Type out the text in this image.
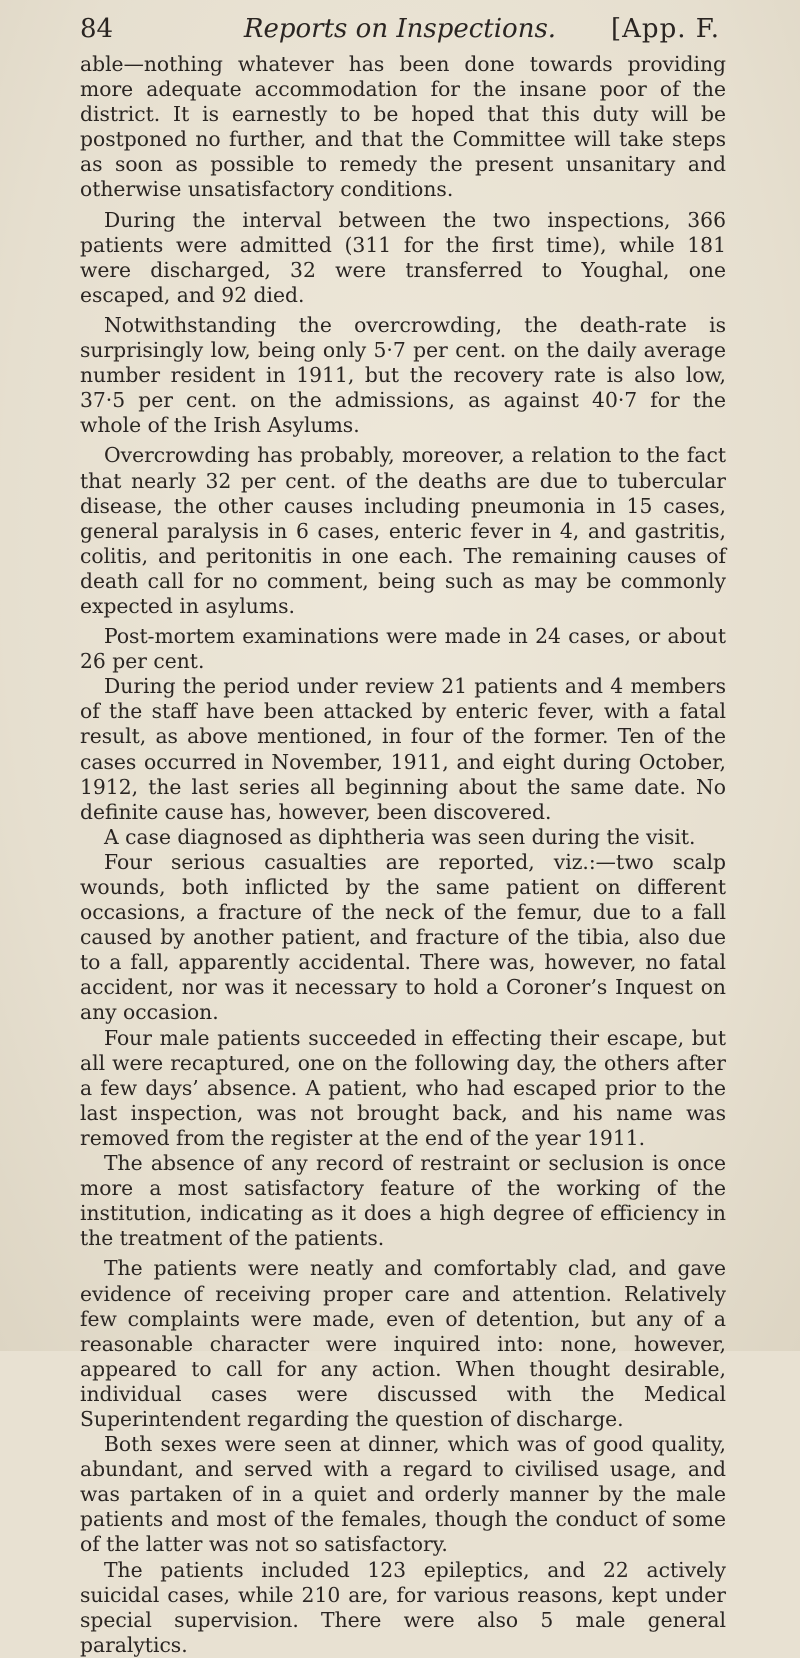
84	Reports on Inspections.	[App. F.

able—nothing whatever has been done towards providing more adequate accommodation for the insane poor of the district. It is earnestly to be hoped that this duty will be postponed no further, and that the Committee will take steps as soon as possible to remedy the present unsanitary and otherwise unsatisfactory conditions.

During the interval between the two inspections, 366 patients were admitted (311 for the first time), while 181 were discharged, 32 were transferred to Youghal, one escaped, and 92 died.

Notwithstanding the overcrowding, the death-rate is surprisingly low, being only 5·7 per cent. on the daily average number resident in 1911, but the recovery rate is also low, 37·5 per cent. on the admissions, as against 40·7 for the whole of the Irish Asylums.

Overcrowding has probably, moreover, a relation to the fact that nearly 32 per cent. of the deaths are due to tubercular disease, the other causes including pneumonia in 15 cases, general paralysis in 6 cases, enteric fever in 4, and gastritis, colitis, and peritonitis in one each. The remaining causes of death call for no comment, being such as may be commonly expected in asylums.

Post-mortem examinations were made in 24 cases, or about 26 per cent.

During the period under review 21 patients and 4 members of the staff have been attacked by enteric fever, with a fatal result, as above mentioned, in four of the former. Ten of the cases occurred in November, 1911, and eight during October, 1912, the last series all beginning about the same date. No definite cause has, however, been discovered.

A case diagnosed as diphtheria was seen during the visit.

Four serious casualties are reported, viz.:—two scalp wounds, both inflicted by the same patient on different occasions, a fracture of the neck of the femur, due to a fall caused by another patient, and fracture of the tibia, also due to a fall, apparently accidental. There was, however, no fatal accident, nor was it necessary to hold a Coroner’s Inquest on any occasion.

Four male patients succeeded in effecting their escape, but all were recaptured, one on the following day, the others after a few days’ absence. A patient, who had escaped prior to the last inspection, was not brought back, and his name was removed from the register at the end of the year 1911.

The absence of any record of restraint or seclusion is once more a most satisfactory feature of the working of the institution, indicating as it does a high degree of efficiency in the treatment of the patients.

The patients were neatly and comfortably clad, and gave evidence of receiving proper care and attention. Relatively few complaints were made, even of detention, but any of a reasonable character were inquired into: none, however, appeared to call for any action. When thought desirable, individual cases were discussed with the Medical Superintendent regarding the question of discharge.

Both sexes were seen at dinner, which was of good quality, abundant, and served with a regard to civilised usage, and was partaken of in a quiet and orderly manner by the male patients and most of the females, though the conduct of some of the latter was not so satisfactory.

The patients included 123 epileptics, and 22 actively suicidal cases, while 210 are, for various reasons, kept under special supervision. There were also 5 male general paralytics.
